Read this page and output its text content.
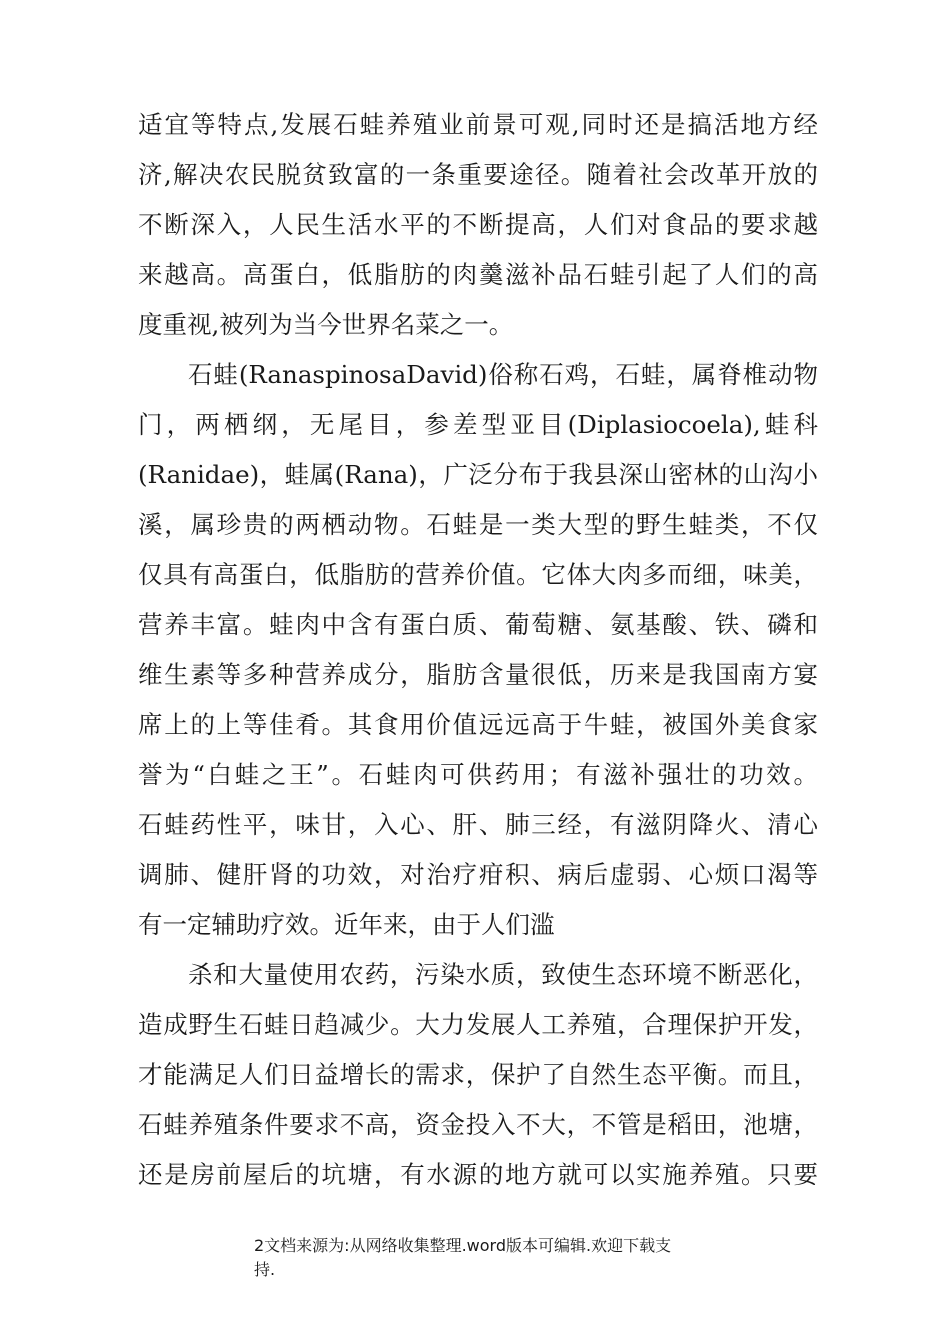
适宜等特点,发展石蛙养殖业前景可观,同时还是搞活地方经
济,解决农民脱贫致富的一条重要途径。随着社会改革开放的
不断深入，人民生活水平的不断提高，人们对食品的要求越
来越高。高蛋白，低脂肪的肉羹滋补品石蛙引起了人们的高
度重视,被列为当今世界名菜之一。
石蛙(RanaspinosaDavid)俗称石鸡，石蛙，属脊椎动物
门，两栖纲，无尾目，参差型亚目(Diplasiocoela),蛙科
(Ranidae)，蛙属(Rana)，广泛分布于我县深山密林的山沟小
溪，属珍贵的两栖动物。石蛙是一类大型的野生蛙类，不仅
仅具有高蛋白，低脂肪的营养价值。它体大肉多而细，味美，
营养丰富。蛙肉中含有蛋白质、葡萄糖、氨基酸、铁、磷和
维生素等多种营养成分，脂肪含量很低，历来是我国南方宴
席上的上等佳肴。其食用价值远远高于牛蛙，被国外美食家
誉为“白蛙之王”。石蛙肉可供药用；有滋补强壮的功效。
石蛙药性平，味甘，入心、肝、肺三经，有滋阴降火、清心
调肺、健肝肾的功效，对治疗疳积、病后虚弱、心烦口渴等
有一定辅助疗效。近年来，由于人们滥
杀和大量使用农药，污染水质，致使生态环境不断恶化，
造成野生石蛙日趋减少。大力发展人工养殖，合理保护开发，
才能满足人们日益增长的需求，保护了自然生态平衡。而且，
石蛙养殖条件要求不高，资金投入不大，不管是稻田，池塘，
还是房前屋后的坑塘，有水源的地方就可以实施养殖。只要
2文档来源为:从网络收集整理.word版本可编辑.欢迎下载支
持.
